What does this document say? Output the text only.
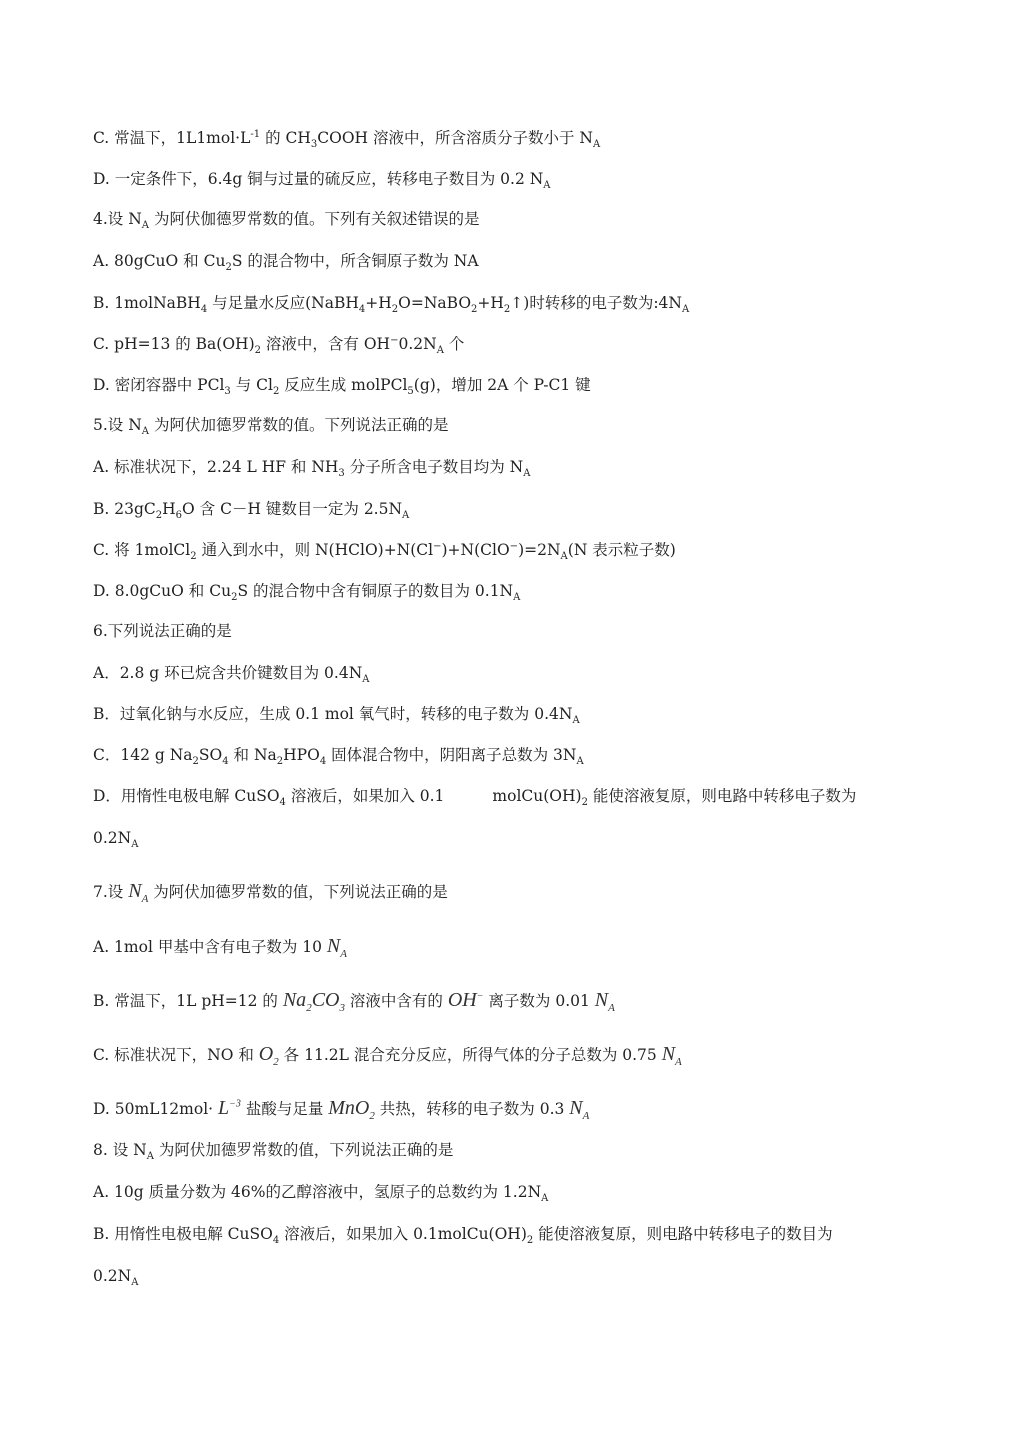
C. 常温下，$1L1mol\cdot L^{-1}$ 的 $CH_3COOH$ 溶液中，所含溶质分子数小于 $N_A$
D. 一定条件下，6.4g 铜与过量的硫反应，转移电子数目为 0.2 $N_A$
4.设 $N_A$ 为阿伏伽德罗常数的值。下列有关叙述错误的是
A. 80gCuO 和 $Cu_2S$ 的混合物中，所含铜原子数为 NA
B. 1molNaBH$_4$ 与足量水反应$(NaBH_4+H_2O=NaBO_2+H_2↑)$时转移的电子数为$:4N_A$
C. pH=13 的 $Ba(OH)_2$ 溶液中，含有 $OH^-0.2N_A$ 个
D. 密闭容器中 PCl$_3$ 与 $Cl_2$ 反应生成 molPCl$_5$(g)，增加 2A 个 P-C1 键
5.设 $N_A$ 为阿伏加德罗常数的值。下列说法正确的是
A. 标准状况下，2.24 L HF 和 $NH_3$ 分子所含电子数目均为 $N_A$
B. $23gC_2H_6O$ 含 C－H 键数目一定为 $2.5N_A$
C. 将 1molCl$_2$ 通入到水中，则 $N(HClO)+N(Cl^-)+N(ClO^-)=2N_A(N$ 表示粒子数)
D. 8.0gCuO 和 $Cu_2S$ 的混合物中含有铜原子的数目为 $0.1N_A$
6.下列说法正确的是
A．2.8 g 环已烷含共价键数目为 $0.4N_A$
B．过氧化钠与水反应，生成 0.1 mol 氧气时，转移的电子数为 $0.4N_A$
C．142 g $Na_2SO_4$ 和 $Na_2HPO_4$ 固体混合物中，阴阳离子总数为 $3N_A$
D．用惰性电极电解 CuSO$_4$ 溶液后，如果加入 0.1	$molCu(OH)_2$ 能使溶液复原，则电路中转移电子数为
$0.2N_A$
7.设 $N_A$ 为阿伏加德罗常数的值，下列说法正确的是
A. 1mol 甲基中含有电子数为 10 $N_A$
B. 常温下，1L pH=12 的 $Na_2CO_3$ 溶液中含有的 OH− 离子数为 0.01 $N_A$
C. 标准状况下，NO 和 $O_2$ 各 11.2L 混合充分反应，所得气体的分子总数为 0.75 $N_A$
D. $50mL12mol\cdot L^{-3}$ 盐酸与足量 MnO$_2$ 共热，转移的电子数为 0.3 $N_A$
8. 设 $N_A$ 为阿伏加德罗常数的值，下列说法正确的是
A. 10g 质量分数为 46%的乙醇溶液中，氢原子的总数约为 $1.2N_A$
B. 用惰性电极电解 CuSO$_4$ 溶液后，如果加入 $0.1molCu(OH)_2$ 能使溶液复原，则电路中转移电子的数目为
$0.2N_A$
